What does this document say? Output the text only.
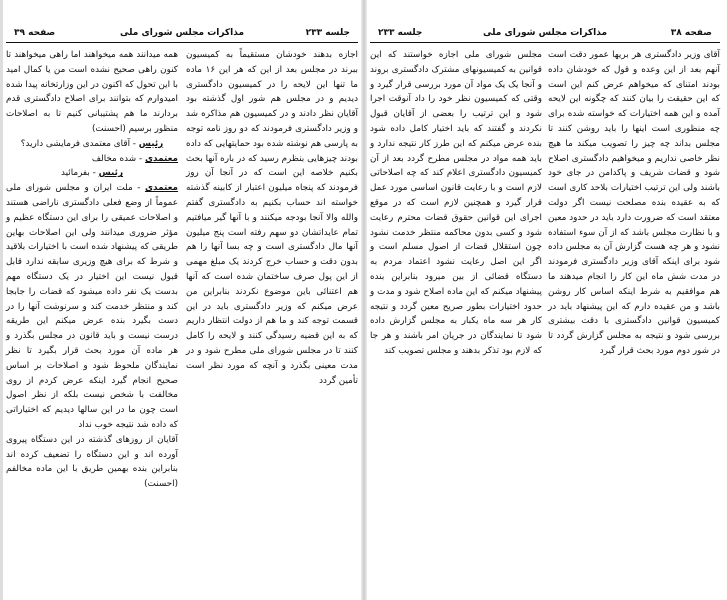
صفحه ۳۹	مذاکرات مجلس شورای ملی	جلسه ۲۳۳

اجازه بدهند خودشان مستقیماً به کمیسیون ببرند در مجلس بعد از این که هر این ۱۶ ماده ما تنها این لایحه را در کمیسیون دادگستری دیدیم و در مجلس هم شور اول گذشته بود آقایان نظر دادند و در کمیسیون هم مذاکره شد و وزیر دادگستری فرمودند که دو روز نامه توجه به پارسی هم نوشته شده بود حمایتهایی که داده بودند چیزهایی بنظرم رسید که در باره آنها بحث بکنیم خلاصه این است که در آنجا آن روز فرمودند که پنجاه میلیون اعتبار از کابینه گذشته خواسته اند حساب بکنیم به دادگستری گفتم والله والا آنجا بودجه میکنند و با آنها گیر میافتیم تمام عایداتشان دو سهم رفته است پنج میلیون آنها مال دادگستری است و چه بسا آنها را هم بدون دقت و حساب خرج کردند یک مبلغ مهمی از این پول صرف ساختمان شده است که آنها هم اعتنائی باین موضوع نکردند بنابراین من عرض میکنم که وزیر دادگستری باید در این قسمت توجه کند و ما هم از دولت انتظار داریم که به این قضیه رسیدگی کنند و لایحه را کامل کنند تا در مجلس شورای ملی مطرح شود و در مدت معینی بگذرد و آنچه که مورد نظر است تأمین گردد

همه میدانند همه میخواهند اما راهی میخواهند تا کنون راهی صحیح نشده است من یا کمال امید با این تحول که اکنون در این وزارتخانه پیدا شده امیدوارم که بتوانند برای اصلاح دادگستری قدم بردارند ما هم پشتیبانی کنیم تا به اصلاحات منظور برسیم (احسنت)

رئیس - آقای معتمدی فرمایشی دارید؟

معتمدی - شده مخالف

رئیس - بفرمائید

معتمدی - ملت ایران و مجلس شورای ملی عموماً از وضع فعلی دادگستری ناراضی هستند و اصلاحات عمیقی را برای این دستگاه عظیم و مؤثر ضروری میدانند ولی این اصلاحات بهاین طریقی که پیشنهاد شده است با اختیارات بلاقید و شرط که برای هیچ وزیری سابقه ندارد قابل قبول نیست این اختیار در یک دستگاه مهم بدست یک نفر داده میشود که قضات را جابجا کند و منتظر خدمت کند و سرنوشت آنها را در دست بگیرد بنده عرض میکنم این طریقه درست نیست و باید قانون در مجلس بگذرد و هر ماده آن مورد بحث قرار بگیرد تا نظر نمایندگان ملحوظ شود و اصلاحات بر اساس صحیح انجام گیرد اینکه عرض کردم از روی مخالفت با شخص نیست بلکه از نظر اصول است چون ما در این سالها دیدیم که اختیاراتی که داده شد نتیجه خوب نداد

آقایان از روزهای گذشته در این دستگاه پیروی آورده اند و این دستگاه را تضعیف کرده اند بنابراین بنده بهمین طریق با این ماده مخالفم (احسنت)

جلسه ۲۳۳	مذاکرات مجلس شورای ملی	صفحه ۳۸

آقای وزیر دادگستری هر بریها عمور دقت است آنهم بعد از این وعده و قول که خودشان داده بودند امتنای که میخواهم عرض کنم این است که این حقیقت را بیان کنند که چگونه این لایحه آمده و این همه اختیارات که خواسته شده برای چه منظوری است اینها را باید روشن کنند تا مجلس بداند چه چیز را تصویب میکند ما هیچ نظر خاصی نداریم و میخواهیم دادگستری اصلاح شود و قضات شریف و پاکدامن در جای خود باشند ولی این ترتیب اختیارات بلاحد کاری است که به عقیده بنده مصلحت نیست اگر دولت معتقد است که ضرورت دارد باید در حدود معین و با نظارت مجلس باشد که از آن سوء استفاده نشود و هر چه هست گزارش آن به مجلس داده شود برای اینکه آقای وزیر دادگستری فرمودند در مدت شش ماه این کار را انجام میدهند ما هم موافقیم به شرط اینکه اساس کار روشن باشد و من عقیده دارم که این پیشنهاد باید در کمیسیون قوانین دادگستری با دقت بیشتری بررسی شود و نتیجه به مجلس گزارش گردد تا در شور دوم مورد بحث قرار گیرد

مجلس شورای ملی اجازه خواستند که این قوانین به کمیسیونهای مشترک دادگستری بروند و آنجا یک یک مواد آن مورد بررسی قرار گیرد و وقتی که کمیسیون نظر خود را داد آنوقت اجرا شود و این ترتیب را بعضی از آقایان قبول نکردند و گفتند که باید اختیار کامل داده شود بنده عرض میکنم که این طرز کار نتیجه ندارد و باید همه مواد در مجلس مطرح گردد بعد از آن کمیسیون دادگستری اعلام کند که چه اصلاحاتی لازم است و با رعایت قانون اساسی مورد عمل قرار گیرد و همچنین لازم است که در موقع اجرای این قوانین حقوق قضات محترم رعایت شود و کسی بدون محاکمه منتظر خدمت نشود چون استقلال قضات از اصول مسلم است و اگر این اصل رعایت نشود اعتماد مردم به دستگاه قضائی از بین میرود بنابراین بنده پیشنهاد میکنم که این ماده اصلاح شود و مدت و حدود اختیارات بطور صریح معین گردد و نتیجه کار هر سه ماه یکبار به مجلس گزارش داده شود تا نمایندگان در جریان امر باشند و هر جا که لازم بود تذکر بدهند و مجلس تصویب کند
